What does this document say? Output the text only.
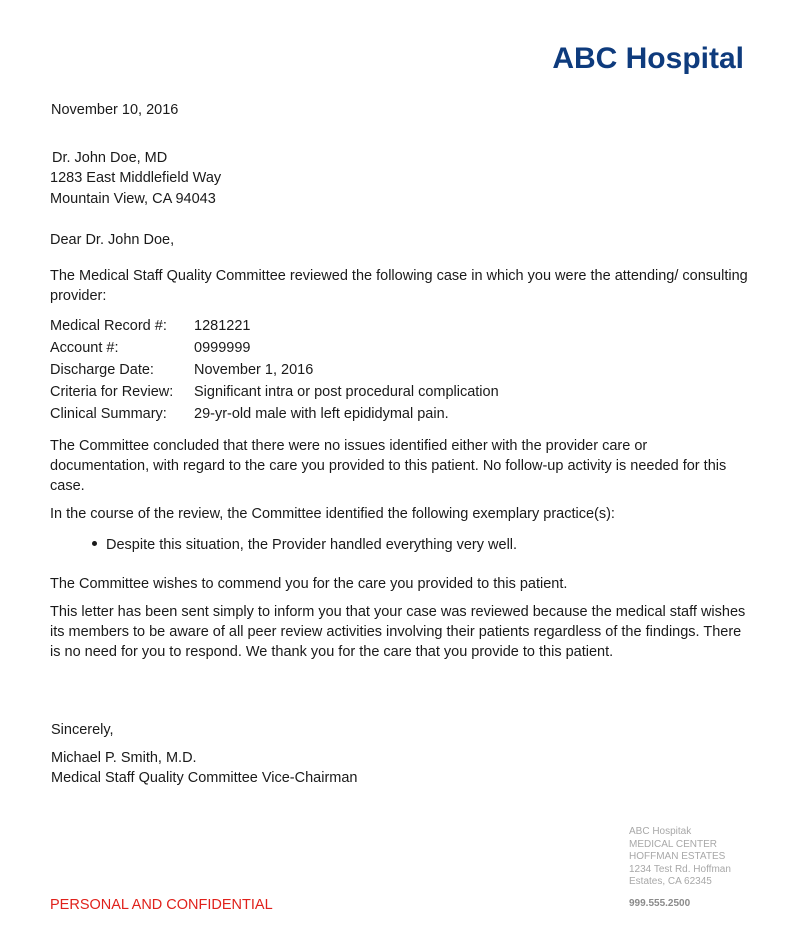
ABC Hospital
November 10, 2016
Dr. John Doe, MD
1283 East Middlefield Way
Mountain View, CA 94043
Dear Dr. John Doe,
The Medical Staff Quality Committee reviewed the following case in which you were the attending/ consulting provider:
Medical Record #:	1281221
Account #:	0999999
Discharge Date:	November 1, 2016
Criteria for Review:	Significant intra or post procedural complication
Clinical Summary:	29-yr-old male with left epididymal pain.
The Committee concluded that there were no issues identified either with the provider care or documentation, with regard to the care you provided to this patient. No follow-up activity is needed for this case.
In the course of the review, the Committee identified the following exemplary practice(s):
Despite this situation, the Provider handled everything very well.
The Committee wishes to commend you for the care you provided to this patient.
This letter has been sent simply to inform you that your case was reviewed because the medical staff wishes its members to be aware of all peer review activities involving their patients regardless of the findings. There is no need for you to respond. We thank you for the care that you provide to this patient.
Sincerely,
Michael P. Smith, M.D.
Medical Staff Quality Committee Vice-Chairman
ABC Hospitak
MEDICAL CENTER
HOFFMAN ESTATES
1234 Test Rd. Hoffman
Estates, CA 62345
999.555.2500
PERSONAL AND CONFIDENTIAL
